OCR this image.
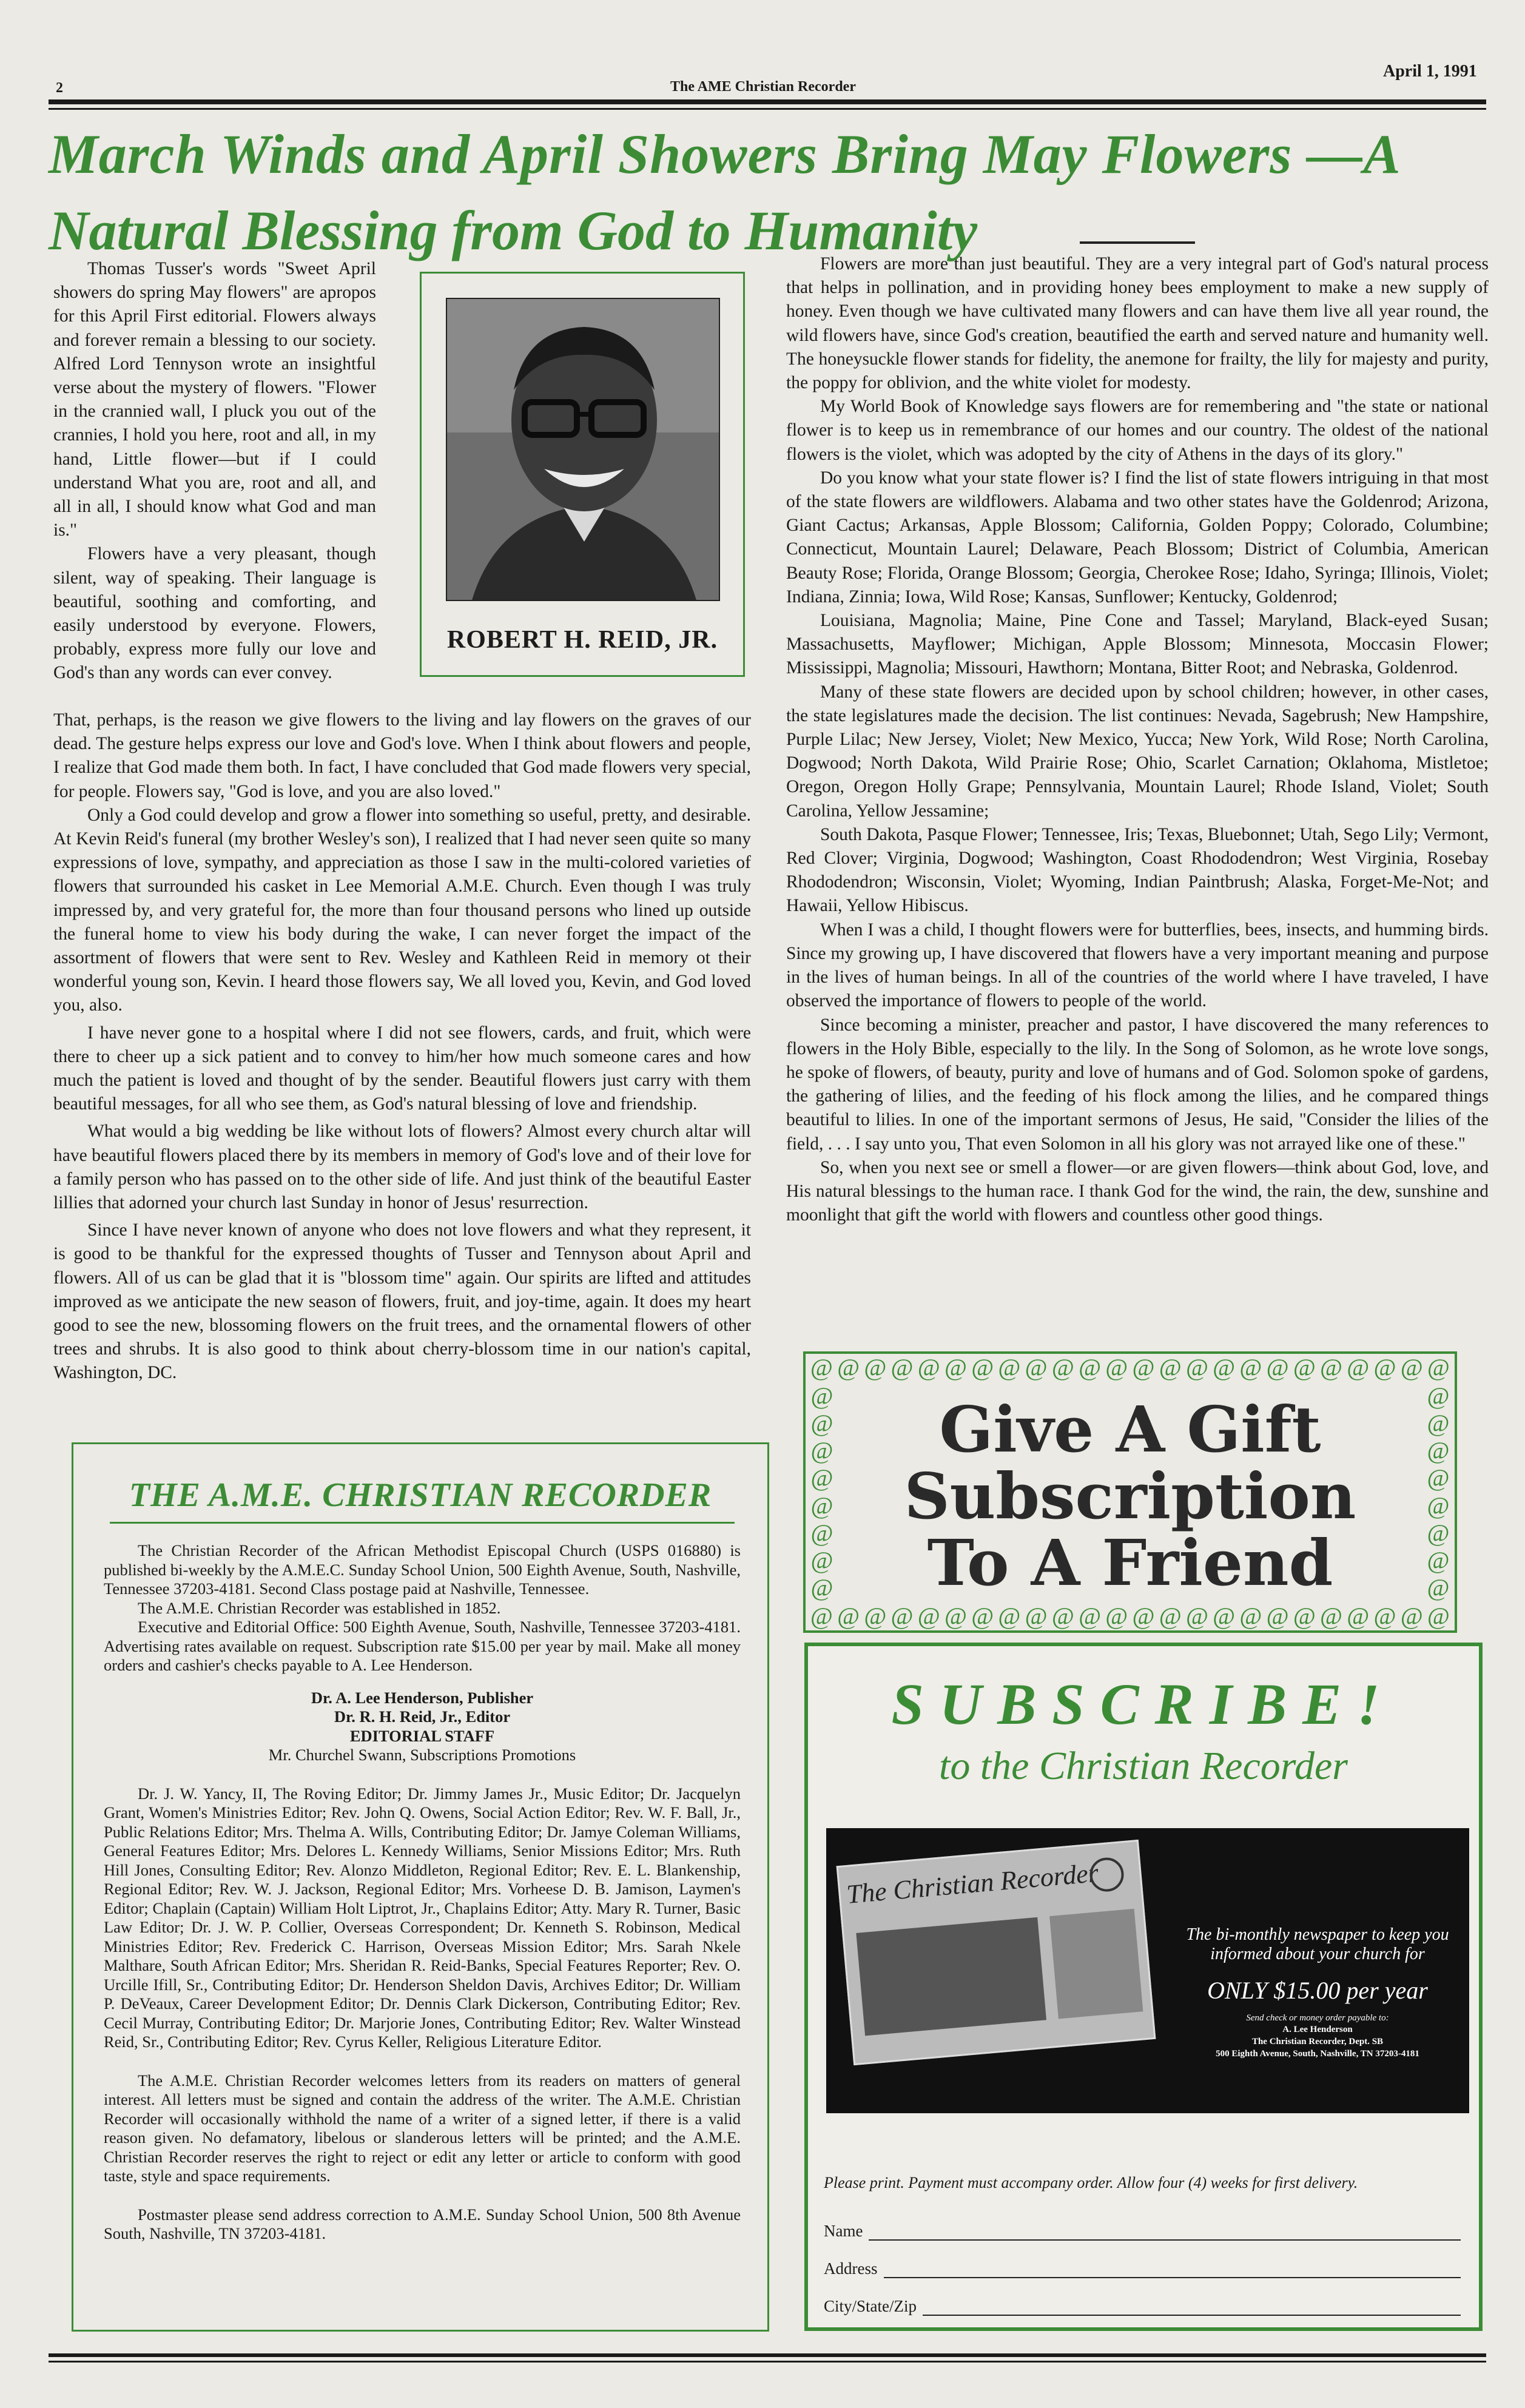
2	The AME Christian Recorder
April 1, 1991
March Winds and April Showers Bring May Flowers —A
Natural Blessing from God to Humanity

Thomas Tusser's words "Sweet April showers do spring May flowers" are apropos for this April First editorial. Flowers always and forever remain a blessing to our society. Alfred Lord Tennyson wrote an insightful verse about the mystery of flowers. "Flower in the crannied wall, I pluck you out of the crannies, I hold you here, root and all, in my hand, Little flower—but if I could understand What you are, root and all, and all in all, I should know what God and man is."

Flowers have a very pleasant, though silent, way of speaking. Their language is beautiful, soothing and comforting, and easily understood by everyone. Flowers, probably, express more fully our love and God's than any words can ever convey.

ROBERT H. REID, JR.
That, perhaps, is the reason we give flowers to the living and lay flowers on the graves of our dead. The gesture helps express our love and God's love. When I think about flowers and people, I realize that God made them both. In fact, I have concluded that God made flowers very special, for people. Flowers say, "God is love, and you are also loved."

Only a God could develop and grow a flower into something so useful, pretty, and desirable. At Kevin Reid's funeral (my brother Wesley's son), I realized that I had never seen quite so many expressions of love, sympathy, and appreciation as those I saw in the multi-colored varieties of flowers that surrounded his casket in Lee Memorial A.M.E. Church. Even though I was truly impressed by, and very grateful for, the more than four thousand persons who lined up outside the funeral home to view his body during the wake, I can never forget the impact of the assortment of flowers that were sent to Rev. Wesley and Kathleen Reid in memory ot their wonderful young son, Kevin. I heard those flowers say, We all loved you, Kevin, and God loved you, also.

I have never gone to a hospital where I did not see flowers, cards, and fruit, which were there to cheer up a sick patient and to convey to him/her how much someone cares and how much the patient is loved and thought of by the sender. Beautiful flowers just carry with them beautiful messages, for all who see them, as God's natural blessing of love and friendship.

What would a big wedding be like without lots of flowers? Almost every church altar will have beautiful flowers placed there by its members in memory of God's love and of their love for a family person who has passed on to the other side of life. And just think of the beautiful Easter lillies that adorned your church last Sunday in honor of Jesus' resurrection.

Since I have never known of anyone who does not love flowers and what they represent, it is good to be thankful for the expressed thoughts of Tusser and Tennyson about April and flowers. All of us can be glad that it is "blossom time" again. Our spirits are lifted and attitudes improved as we anticipate the new season of flowers, fruit, and joy-time, again. It does my heart good to see the new, blossoming flowers on the fruit trees, and the ornamental flowers of other trees and shrubs. It is also good to think about cherry-blossom time in our nation's capital, Washington, DC.

Flowers are more than just beautiful. They are a very integral part of God's natural process that helps in pollination, and in providing honey bees employment to make a new supply of honey. Even though we have cultivated many flowers and can have them live all year round, the wild flowers have, since God's creation, beautified the earth and served nature and humanity well. The honeysuckle flower stands for fidelity, the anemone for frailty, the lily for majesty and purity, the poppy for oblivion, and the white violet for modesty.

My World Book of Knowledge says flowers are for remembering and "the state or national flower is to keep us in remembrance of our homes and our country. The oldest of the national flowers is the violet, which was adopted by the city of Athens in the days of its glory."

Do you know what your state flower is? I find the list of state flowers intriguing in that most of the state flowers are wildflowers. Alabama and two other states have the Goldenrod; Arizona, Giant Cactus; Arkansas, Apple Blossom; California, Golden Poppy; Colorado, Columbine; Connecticut, Mountain Laurel; Delaware, Peach Blossom; District of Columbia, American Beauty Rose; Florida, Orange Blossom; Georgia, Cherokee Rose; Idaho, Syringa; Illinois, Violet; Indiana, Zinnia; Iowa, Wild Rose; Kansas, Sunflower; Kentucky, Goldenrod;

Louisiana, Magnolia; Maine, Pine Cone and Tassel; Maryland, Black-eyed Susan; Massachusetts, Mayflower; Michigan, Apple Blossom; Minnesota, Moccasin Flower; Mississippi, Magnolia; Missouri, Hawthorn; Montana, Bitter Root; and Nebraska, Goldenrod.

Many of these state flowers are decided upon by school children; however, in other cases, the state legislatures made the decision. The list continues: Nevada, Sagebrush; New Hampshire, Purple Lilac; New Jersey, Violet; New Mexico, Yucca; New York, Wild Rose; North Carolina, Dogwood; North Dakota, Wild Prairie Rose; Ohio, Scarlet Carnation; Oklahoma, Mistletoe; Oregon, Oregon Holly Grape; Pennsylvania, Mountain Laurel; Rhode Island, Violet; South Carolina, Yellow Jessamine;

South Dakota, Pasque Flower; Tennessee, Iris; Texas, Bluebonnet; Utah, Sego Lily; Vermont, Red Clover; Virginia, Dogwood; Washington, Coast Rhododendron; West Virginia, Rosebay Rhododendron; Wisconsin, Violet; Wyoming, Indian Paintbrush; Alaska, Forget-Me-Not; and Hawaii, Yellow Hibiscus.

When I was a child, I thought flowers were for butterflies, bees, insects, and humming birds. Since my growing up, I have discovered that flowers have a very important meaning and purpose in the lives of human beings. In all of the countries of the world where I have traveled, I have observed the importance of flowers to people of the world.

Since becoming a minister, preacher and pastor, I have discovered the many references to flowers in the Holy Bible, especially to the lily. In the Song of Solomon, as he wrote love songs, he spoke of flowers, of beauty, purity and love of humans and of God. Solomon spoke of gardens, the gathering of lilies, and the feeding of his flock among the lilies, and he compared things beautiful to lilies. In one of the important sermons of Jesus, He said, "Consider the lilies of the field, . . . I say unto you, That even Solomon in all his glory was not arrayed like one of these."

So, when you next see or smell a flower—or are given flowers—think about God, love, and His natural blessings to the human race. I thank God for the wind, the rain, the dew, sunshine and moonlight that gift the world with flowers and countless other good things.

THE A.M.E. CHRISTIAN RECORDER

The Christian Recorder of the African Methodist Episcopal Church (USPS 016880) is published bi-weekly by the A.M.E.C. Sunday School Union, 500 Eighth Avenue, South, Nashville, Tennessee 37203-4181. Second Class postage paid at Nashville, Tennessee.

The A.M.E. Christian Recorder was established in 1852.

Executive and Editorial Office: 500 Eighth Avenue, South, Nashville, Tennessee 37203-4181. Advertising rates available on request. Subscription rate $15.00 per year by mail. Make all money orders and cashier's checks payable to A. Lee Henderson.

Dr. A. Lee Henderson, Publisher
Dr. R. H. Reid, Jr., Editor
EDITORIAL STAFF
Mr. Churchel Swann, Subscriptions Promotions

Dr. J. W. Yancy, II, The Roving Editor; Dr. Jimmy James Jr., Music Editor; Dr. Jacquelyn Grant, Women's Ministries Editor; Rev. John Q. Owens, Social Action Editor; Rev. W. F. Ball, Jr., Public Relations Editor; Mrs. Thelma A. Wills, Contributing Editor; Dr. Jamye Coleman Williams, General Features Editor; Mrs. Delores L. Kennedy Williams, Senior Missions Editor; Mrs. Ruth Hill Jones, Consulting Editor; Rev. Alonzo Middleton, Regional Editor; Rev. E. L. Blankenship, Regional Editor; Rev. W. J. Jackson, Regional Editor; Mrs. Vorheese D. B. Jamison, Laymen's Editor; Chaplain (Captain) William Holt Liptrot, Jr., Chaplains Editor; Atty. Mary R. Turner, Basic Law Editor; Dr. J. W. P. Collier, Overseas Correspondent; Dr. Kenneth S. Robinson, Medical Ministries Editor; Rev. Frederick C. Harrison, Overseas Mission Editor; Mrs. Sarah Nkele Malthare, South African Editor; Mrs. Sheridan R. Reid-Banks, Special Features Reporter; Rev. O. Urcille Ifill, Sr., Contributing Editor; Dr. Henderson Sheldon Davis, Archives Editor; Dr. William P. DeVeaux, Career Development Editor; Dr. Dennis Clark Dickerson, Contributing Editor; Rev. Cecil Murray, Contributing Editor; Dr. Marjorie Jones, Contributing Editor; Rev. Walter Winstead Reid, Sr., Contributing Editor; Rev. Cyrus Keller, Religious Literature Editor.

The A.M.E. Christian Recorder welcomes letters from its readers on matters of general interest. All letters must be signed and contain the address of the writer. The A.M.E. Christian Recorder will occasionally withhold the name of a writer of a signed letter, if there is a valid reason given. No defamatory, libelous or slanderous letters will be printed; and the A.M.E. Christian Recorder reserves the right to reject or edit any letter or article to conform with good taste, style and space requirements.

Postmaster please send address correction to A.M.E. Sunday School Union, 500 8th Avenue South, Nashville, TN 37203-4181.

@ @ @ @ @ @ @ @ @ @ @ @ @ @ @ @ @ @ @ @ @ @ @ @
@ @ @ @ @ @ @ @ @ @ @ @ @ @ @ @ @ @ @ @ @ @ @ @
@
@
@
@
@
@
@
@
@
@
@
@
@
@
@
@
Give A Gift
Subscription
To A Friend
SUBSCRIBE!
to the Christian Recorder
The Christian Recorder
The bi-monthly newspaper to keep you informed about your church for
ONLY $15.00 per year
Send check or money order payable to:
A. Lee Henderson
The Christian Recorder, Dept. SB
500 Eighth Avenue, South, Nashville, TN 37203-4181
Please print. Payment must accompany order. Allow four (4) weeks for first delivery.
Name
Address
City/State/Zip
